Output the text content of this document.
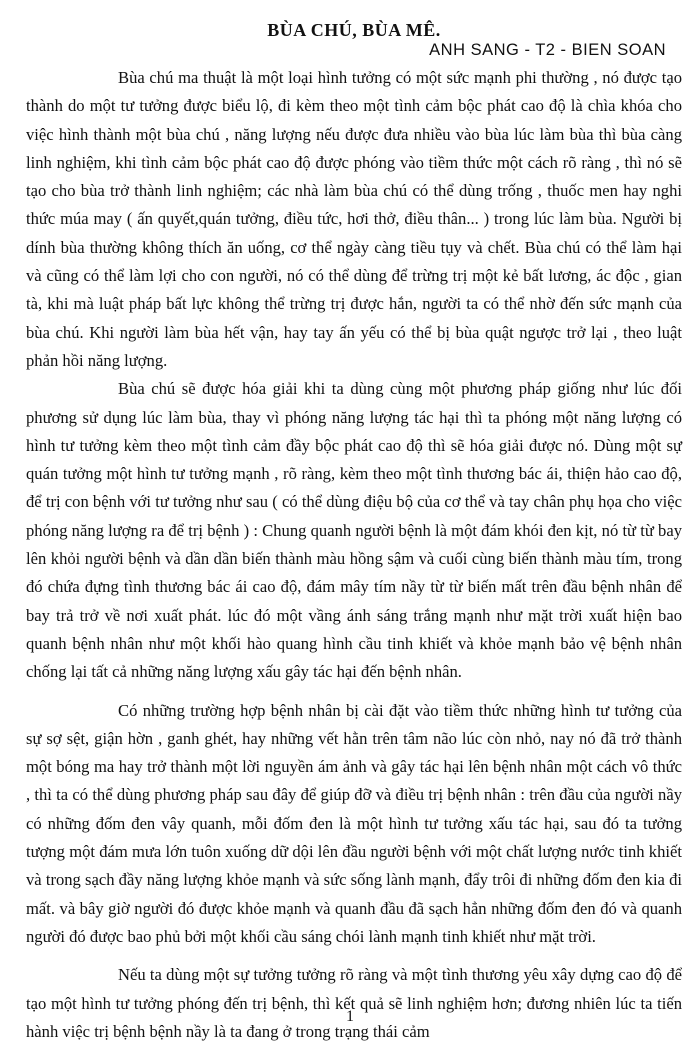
BÙA CHÚ, BÙA MÊ.
ANH SANG - T2 - BIEN SOAN

Bùa chú ma thuật là một loại hình tưởng có một sức mạnh phi thường , nó được tạo thành do một tư tưởng được biểu lộ, đi kèm theo một tình cảm bộc phát cao độ là chìa khóa cho việc hình thành một bùa chú , năng lượng nếu được đưa nhiều vào bùa lúc làm bùa thì bùa càng linh nghiệm, khi tình cảm bộc phát cao độ được phóng vào tiềm thức một cách rõ ràng , thì nó sẽ tạo cho bùa trở thành linh nghiệm; các nhà làm bùa chú có thể dùng trống , thuốc men hay nghi thức múa may ( ấn quyết,quán tưởng, điều tức, hơi thở, điều thân... ) trong lúc làm bùa. Người bị dính bùa thường không thích ăn uống, cơ thể ngày càng tiều tụy và chết. Bùa chú có thể làm hại và cũng có thể làm lợi cho con người, nó có thể dùng để trừng trị một kẻ bất lương, ác độc , gian tà, khi mà luật pháp bất lực không thể trừng trị được hắn, người ta có thể nhờ đến sức mạnh của bùa chú. Khi người làm bùa hết vận, hay tay ấn yếu có thể bị bùa quật ngược trở lại , theo luật phản hồi năng lượng.

Bùa chú sẽ được hóa giải khi ta dùng cùng một phương pháp giống như lúc đối phương sử dụng lúc làm bùa, thay vì phóng năng lượng tác hại thì ta phóng một năng lượng có hình tư tưởng kèm theo một tình cảm đầy bộc phát cao độ thì sẽ hóa giải được nó. Dùng một sự quán tưởng một hình tư tưởng mạnh , rõ ràng, kèm theo một tình thương bác ái, thiện hảo cao độ, để trị con bệnh với tư tưởng như sau ( có thể dùng điệu bộ của cơ thể và tay chân phụ họa cho việc phóng năng lượng ra để trị bệnh ) : Chung quanh người bệnh là một đám khói đen kịt, nó từ từ bay lên khỏi người bệnh và dần dần biến thành màu hồng sậm và cuối cùng biến thành màu tím, trong đó chứa đựng tình thương bác ái cao độ, đám mây tím nầy từ từ biến mất trên đầu bệnh nhân để bay trả trở về nơi xuất phát. lúc đó một vầng ánh sáng trắng mạnh như mặt trời xuất hiện bao quanh bệnh nhân như một khối hào quang hình cầu tinh khiết và khỏe mạnh bảo vệ bệnh nhân chống lại tất cả những năng lượng xấu gây tác hại đến bệnh nhân.

Có những trường hợp bệnh nhân bị cài đặt vào tiềm thức những hình tư tưởng của sự sợ sệt, giận hờn , ganh ghét, hay những vết hằn trên tâm não lúc còn nhỏ, nay nó đã trở thành một bóng ma hay trở thành một lời nguyền ám ảnh và gây tác hại lên bệnh nhân một cách vô thức , thì ta có thể dùng phương pháp sau đây để giúp đỡ và điều trị bệnh nhân : trên đầu của người nầy có những đốm đen vây quanh, mỗi đốm đen là một hình tư tưởng xấu tác hại, sau đó ta tưởng tượng một đám mưa lớn tuôn xuống dữ dội lên đầu người bệnh với một chất lượng nước tinh khiết và trong sạch đầy năng lượng khỏe mạnh và sức sống lành mạnh, đẩy trôi đi những đốm đen kia đi mất. và bây giờ người đó được khỏe mạnh và quanh đầu đã sạch hẳn những đốm đen đó và quanh người đó được bao phủ bởi một khối cầu sáng chói lành mạnh tinh khiết như mặt trời.

Nếu ta dùng một sự tưởng tưởng rõ ràng và một tình thương yêu xây dựng cao độ để tạo một hình tư tưởng phóng đến trị bệnh, thì kết quả sẽ linh nghiệm hơn; đương nhiên lúc ta tiến hành việc trị bệnh bệnh nầy là ta đang ở trong trạng thái cảm

1
